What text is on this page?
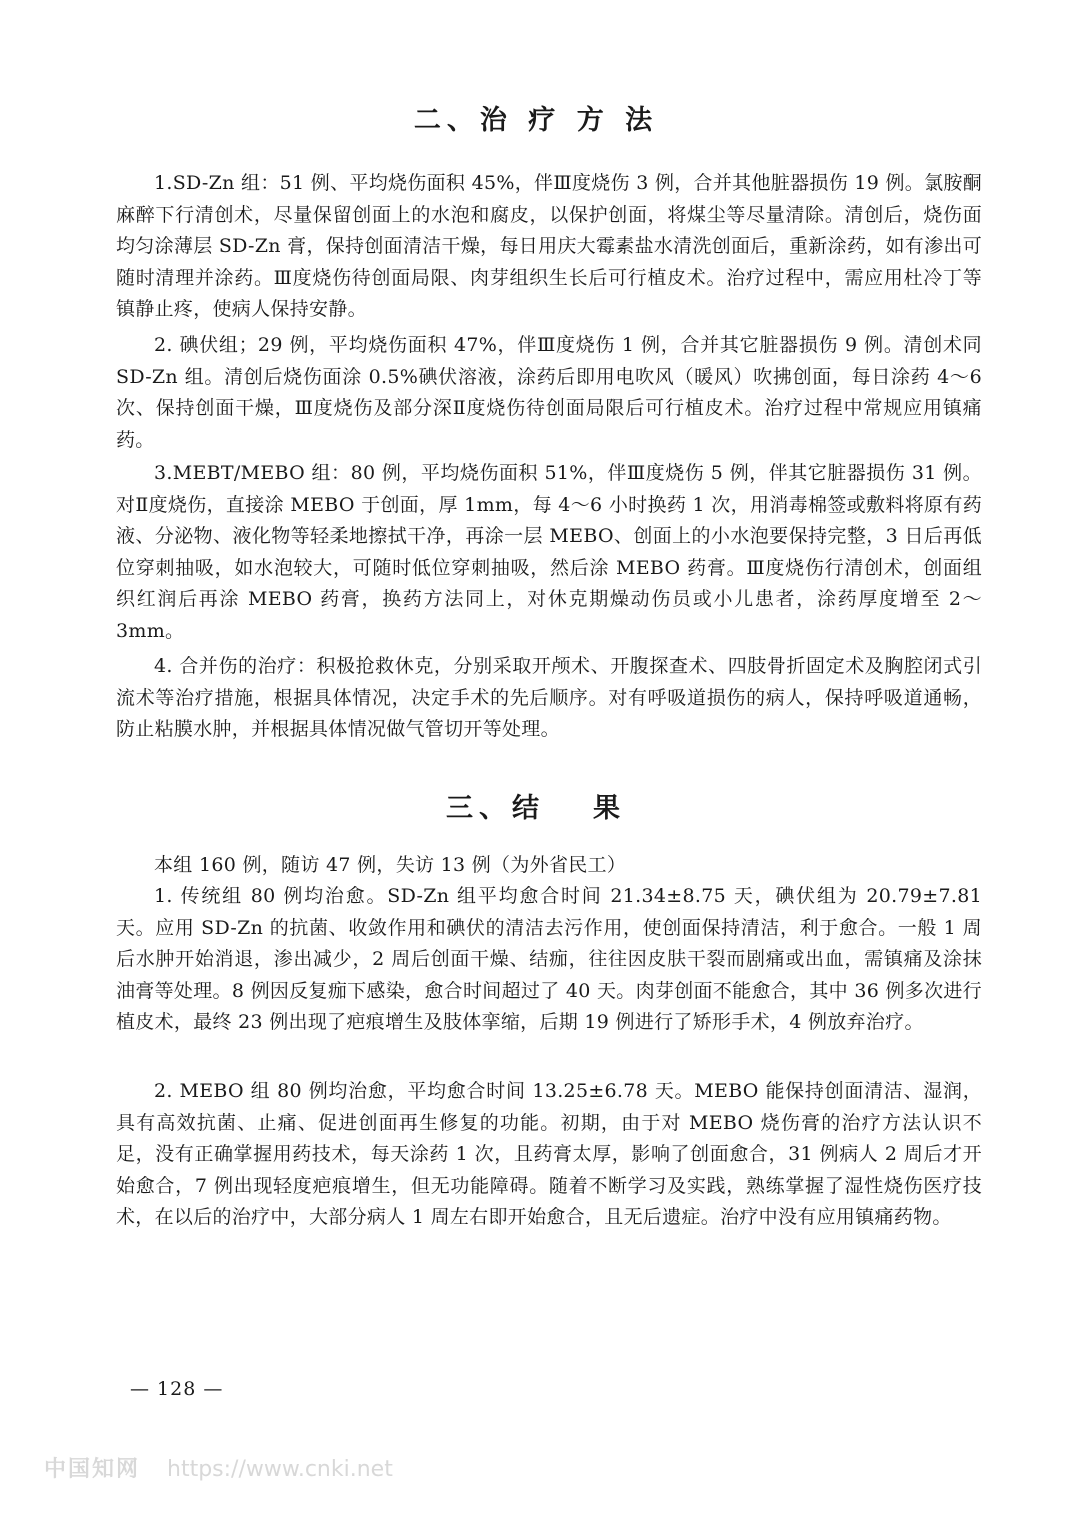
二、治 疗 方 法
1.SD-Zn 组：51 例、平均烧伤面积 45%，伴Ⅲ度烧伤 3 例，合并其他脏器损伤 19 例。氯胺酮麻醉下行清创术，尽量保留创面上的水泡和腐皮，以保护创面，将煤尘等尽量清除。清创后，烧伤面均匀涂薄层 SD-Zn 膏，保持创面清洁干燥，每日用庆大霉素盐水清洗创面后，重新涂药，如有渗出可随时清理并涂药。Ⅲ度烧伤待创面局限、肉芽组织生长后可行植皮术。治疗过程中，需应用杜冷丁等镇静止疼，使病人保持安静。
2. 碘伏组；29 例，平均烧伤面积 47%，伴Ⅲ度烧伤 1 例，合并其它脏器损伤 9 例。清创术同 SD-Zn 组。清创后烧伤面涂 0.5%碘伏溶液，涂药后即用电吹风（暖风）吹拂创面，每日涂药 4～6 次、保持创面干燥，Ⅲ度烧伤及部分深Ⅱ度烧伤待创面局限后可行植皮术。治疗过程中常规应用镇痛药。
3.MEBT/MEBO 组：80 例，平均烧伤面积 51%，伴Ⅲ度烧伤 5 例，伴其它脏器损伤 31 例。对Ⅱ度烧伤，直接涂 MEBO 于创面，厚 1mm，每 4～6 小时换药 1 次，用消毒棉签或敷料将原有药液、分泌物、液化物等轻柔地擦拭干净，再涂一层 MEBO、创面上的小水泡要保持完整，3 日后再低位穿刺抽吸，如水泡较大，可随时低位穿刺抽吸，然后涂 MEBO 药膏。Ⅲ度烧伤行清创术，创面组织红润后再涂 MEBO 药膏，换药方法同上，对休克期燥动伤员或小儿患者，涂药厚度增至 2～3mm。
4. 合并伤的治疗：积极抢救休克，分别采取开颅术、开腹探查术、四肢骨折固定术及胸腔闭式引流术等治疗措施，根据具体情况，决定手术的先后顺序。对有呼吸道损伤的病人，保持呼吸道通畅，防止粘膜水肿，并根据具体情况做气管切开等处理。
三、结 果
本组 160 例，随访 47 例，失访 13 例（为外省民工）
1. 传统组 80 例均治愈。SD-Zn 组平均愈合时间 21.34±8.75 天，碘伏组为 20.79±7.81 天。应用 SD-Zn 的抗菌、收敛作用和碘伏的清洁去污作用，使创面保持清洁，利于愈合。一般 1 周后水肿开始消退，渗出减少，2 周后创面干燥、结痂，往往因皮肤干裂而剧痛或出血，需镇痛及涂抹油膏等处理。8 例因反复痂下感染，愈合时间超过了 40 天。肉芽创面不能愈合，其中 36 例多次进行植皮术，最终 23 例出现了疤痕增生及肢体挛缩，后期 19 例进行了矫形手术，4 例放弃治疗。
2. MEBO 组 80 例均治愈，平均愈合时间 13.25±6.78 天。MEBO 能保持创面清洁、湿润，具有高效抗菌、止痛、促进创面再生修复的功能。初期，由于对 MEBO 烧伤膏的治疗方法认识不足，没有正确掌握用药技术，每天涂药 1 次，且药膏太厚，影响了创面愈合，31 例病人 2 周后才开始愈合，7 例出现轻度疤痕增生，但无功能障碍。随着不断学习及实践，熟练掌握了湿性烧伤医疗技术，在以后的治疗中，大部分病人 1 周左右即开始愈合，且无后遗症。治疗中没有应用镇痛药物。
— 128 —
中国知网 https://www.cnki.net
